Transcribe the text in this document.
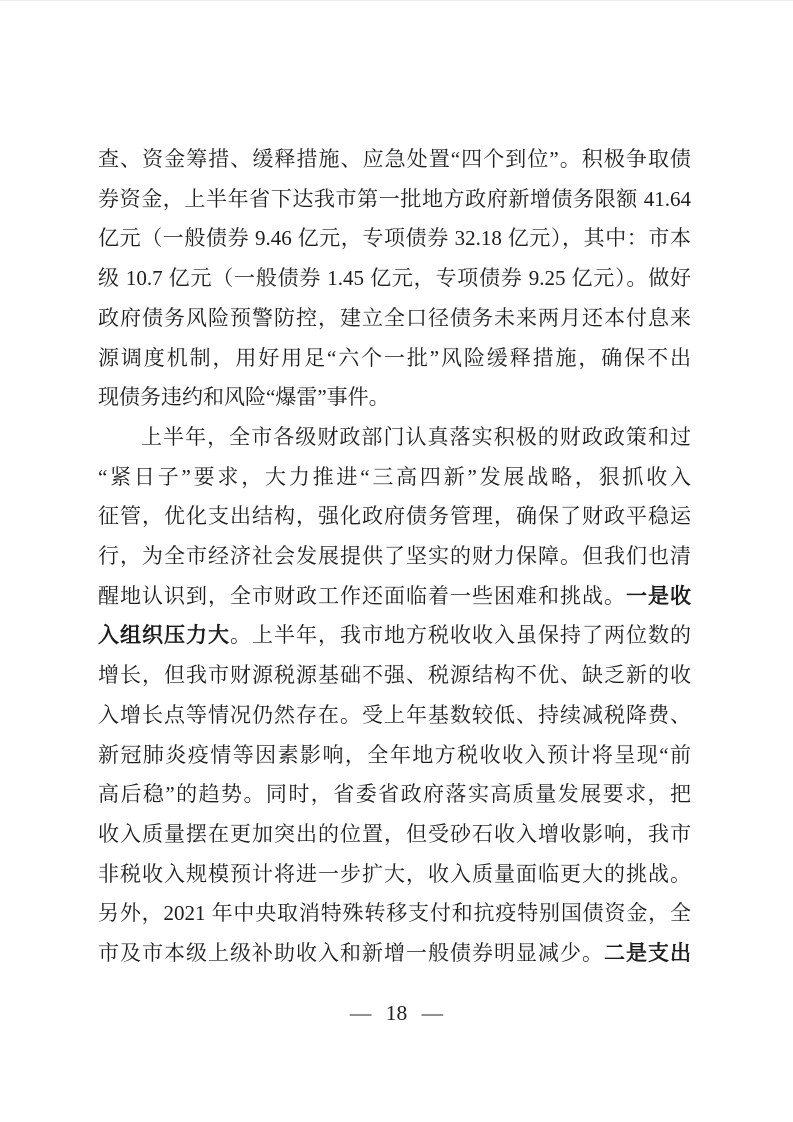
查、资金筹措、缓释措施、应急处置“四个到位”。积极争取债
券资金，上半年省下达我市第一批地方政府新增债务限额 41.64
亿元（一般债券 9.46 亿元，专项债券 32.18 亿元），其中：市本
级 10.7 亿元（一般债券 1.45 亿元，专项债券 9.25 亿元）。做好
政府债务风险预警防控，建立全口径债务未来两月还本付息来
源调度机制，用好用足“六个一批”风险缓释措施，确保不出
现债务违约和风险“爆雷”事件。
上半年，全市各级财政部门认真落实积极的财政政策和过
“紧日子”要求，大力推进“三高四新”发展战略，狠抓收入
征管，优化支出结构，强化政府债务管理，确保了财政平稳运
行，为全市经济社会发展提供了坚实的财力保障。但我们也清
醒地认识到，全市财政工作还面临着一些困难和挑战。一是收
入组织压力大。上半年，我市地方税收收入虽保持了两位数的
增长，但我市财源税源基础不强、税源结构不优、缺乏新的收
入增长点等情况仍然存在。受上年基数较低、持续减税降费、
新冠肺炎疫情等因素影响，全年地方税收收入预计将呈现“前
高后稳”的趋势。同时，省委省政府落实高质量发展要求，把
收入质量摆在更加突出的位置，但受砂石收入增收影响，我市
非税收入规模预计将进一步扩大，收入质量面临更大的挑战。
另外，2021 年中央取消特殊转移支付和抗疫特别国债资金，全
市及市本级上级补助收入和新增一般债券明显减少。二是支出
— 18 —
